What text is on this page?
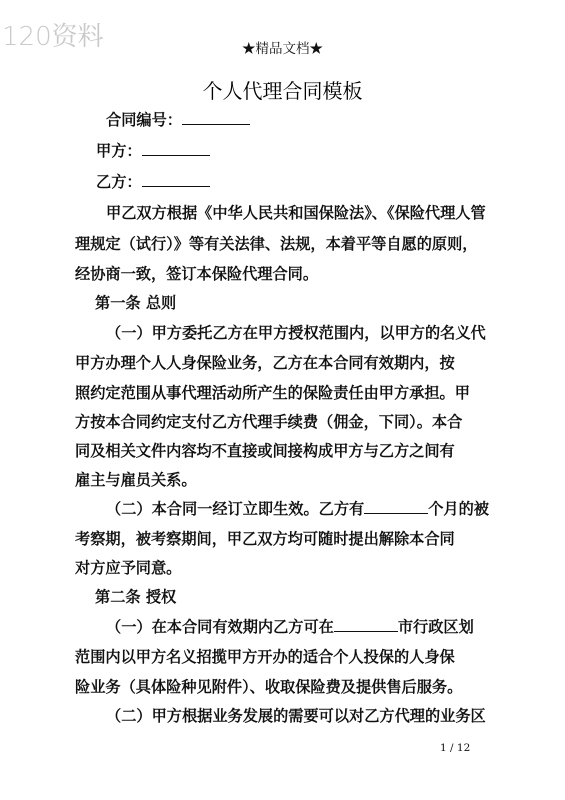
120资料	★精品文档★
个人代理合同模板
合同编号：
甲方：
乙方：
甲乙双方根据《中华人民共和国保险法》、《保险代理人管
理规定（试行）》等有关法律、法规，本着平等自愿的原则，
经协商一致，签订本保险代理合同。
第一条 总则
（一）甲方委托乙方在甲方授权范围内，以甲方的名义代
甲方办理个人人身保险业务，乙方在本合同有效期内，按
照约定范围从事代理活动所产生的保险责任由甲方承担。甲
方按本合同约定支付乙方代理手续费（佣金，下同）。本合
同及相关文件内容均不直接或间接构成甲方与乙方之间有
雇主与雇员关系。
（二）本合同一经订立即生效。乙方有	个月的被
考察期，被考察期间，甲乙双方均可随时提出解除本合同
对方应予同意。
第二条 授权
（一）在本合同有效期内乙方可在	市行政区划
范围内以甲方名义招揽甲方开办的适合个人投保的人身保
险业务（具体险种见附件）、收取保险费及提供售后服务。
（二）甲方根据业务发展的需要可以对乙方代理的业务区
1 / 12
